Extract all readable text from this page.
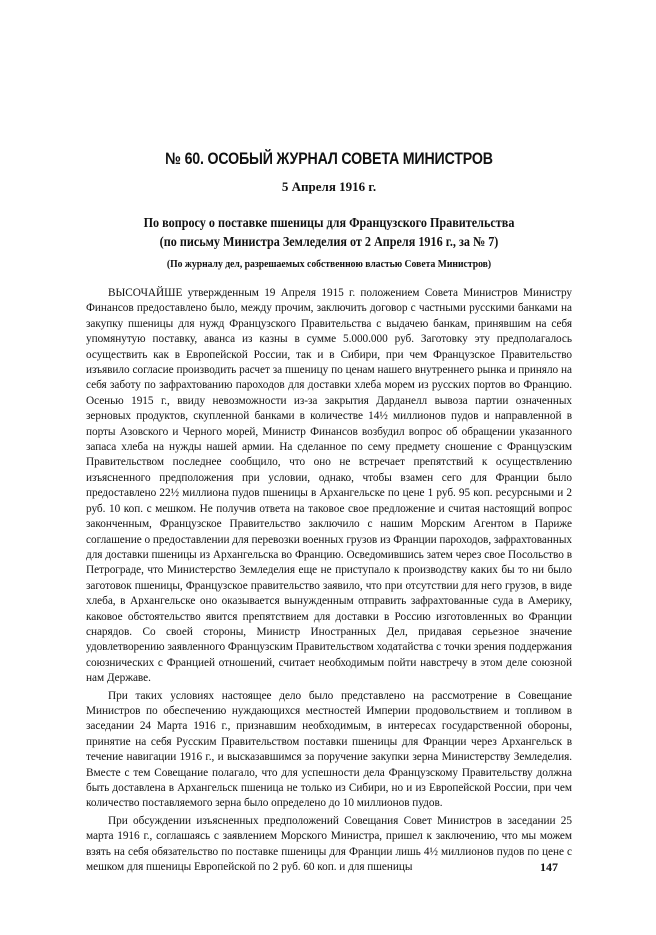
№ 60. ОСОБЫЙ ЖУРНАЛ СОВЕТА МИНИСТРОВ
5 Апреля 1916 г.
По вопросу о поставке пшеницы для Французского Правительства
(по письму Министра Земледелия от 2 Апреля 1916 г., за № 7)
(По журналу дел, разрешаемых собственною властью Совета Министров)

ВЫСОЧАЙШЕ утвержденным 19 Апреля 1915 г. положением Совета Министров Министру Финансов предоставлено было, между прочим, заключить договор с частными русскими банками на закупку пшеницы для нужд Французского Правительства с выдачею банкам, принявшим на себя упомянутую поставку, аванса из казны в сумме 5.000.000 руб. Заготовку эту предполагалось осуществить как в Европейской России, так и в Сибири, при чем Французское Правительство изъявило согласие производить расчет за пшеницу по ценам нашего внутреннего рынка и приняло на себя заботу по зафрахтованию пароходов для доставки хлеба морем из русских портов во Францию. Осенью 1915 г., ввиду невозможности из-за закрытия Дарданелл вывоза партии означенных зерновых продуктов, скупленной банками в количестве 14½ миллионов пудов и направленной в порты Азовского и Черного морей, Министр Финансов возбудил вопрос об обращении указанного запаса хлеба на нужды нашей армии. На сделанное по сему предмету сношение с Французским Правительством последнее сообщило, что оно не встречает препятствий к осуществлению изъясненного предположения при условии, однако, чтобы взамен сего для Франции было предоставлено 22½ миллиона пудов пшеницы в Архангельске по цене 1 руб. 95 коп. ресурсными и 2 руб. 10 коп. с мешком. Не получив ответа на таковое свое предложение и считая настоящий вопрос законченным, Французское Правительство заключило с нашим Морским Агентом в Париже соглашение о предоставлении для перевозки военных грузов из Франции пароходов, зафрахтованных для доставки пшеницы из Архангельска во Францию. Осведомившись затем через свое Посольство в Петрограде, что Министерство Земледелия еще не приступало к производству каких бы то ни было заготовок пшеницы, Французское правительство заявило, что при отсутствии для него грузов, в виде хлеба, в Архангельске оно оказывается вынужденным отправить зафрахтованные суда в Америку, каковое обстоятельство явится препятствием для доставки в Россию изготовленных во Франции снарядов. Со своей стороны, Министр Иностранных Дел, придавая серьезное значение удовлетворению заявленного Французским Правительством ходатайства с точки зрения поддержания союзнических с Францией отношений, считает необходимым пойти навстречу в этом деле союзной нам Державе.

При таких условиях настоящее дело было представлено на рассмотрение в Совещание Министров по обеспечению нуждающихся местностей Империи продовольствием и топливом в заседании 24 Марта 1916 г., признавшим необходимым, в интересах государственной обороны, принятие на себя Русским Правительством поставки пшеницы для Франции через Архангельск в течение навигации 1916 г., и высказавшимся за поручение закупки зерна Министерству Земледелия. Вместе с тем Совещание полагало, что для успешности дела Французскому Правительству должна быть доставлена в Архангельск пшеница не только из Сибири, но и из Европейской России, при чем количество поставляемого зерна было определено до 10 миллионов пудов.

При обсуждении изъясненных предположений Совещания Совет Министров в заседании 25 марта 1916 г., соглашаясь с заявлением Морского Министра, пришел к заключению, что мы можем взять на себя обязательство по поставке пшеницы для Франции лишь 4½ миллионов пудов по цене с мешком для пшеницы Европейской по 2 руб. 60 коп. и для пшеницы	147
